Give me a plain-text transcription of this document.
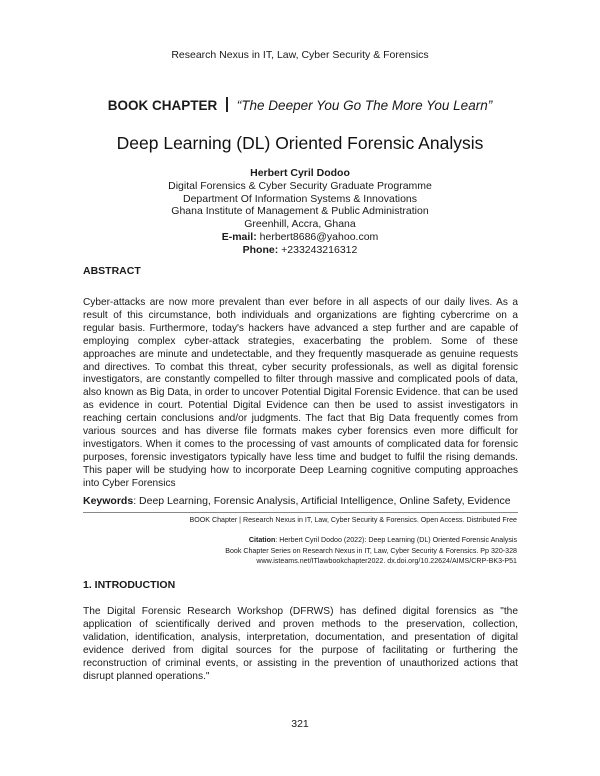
Research Nexus in IT, Law, Cyber Security & Forensics
BOOK CHAPTER “The Deeper You Go The More You Learn”
Deep Learning (DL) Oriented Forensic Analysis
Herbert Cyril Dodoo
Digital Forensics & Cyber Security Graduate Programme
Department Of Information Systems & Innovations
Ghana Institute of Management & Public Administration
Greenhill, Accra, Ghana
E-mail: herbert8686@yahoo.com
Phone: +233243216312
ABSTRACT
Cyber-attacks are now more prevalent than ever before in all aspects of our daily lives. As a result of this circumstance, both individuals and organizations are fighting cybercrime on a regular basis. Furthermore, today's hackers have advanced a step further and are capable of employing complex cyber-attack strategies, exacerbating the problem. Some of these approaches are minute and undetectable, and they frequently masquerade as genuine requests and directives. To combat this threat, cyber security professionals, as well as digital forensic investigators, are constantly compelled to filter through massive and complicated pools of data, also known as Big Data, in order to uncover Potential Digital Forensic Evidence. that can be used as evidence in court. Potential Digital Evidence can then be used to assist investigators in reaching certain conclusions and/or judgments. The fact that Big Data frequently comes from various sources and has diverse file formats makes cyber forensics even more difficult for investigators. When it comes to the processing of vast amounts of complicated data for forensic purposes, forensic investigators typically have less time and budget to fulfil the rising demands. This paper will be studying how to incorporate Deep Learning cognitive computing approaches into Cyber Forensics
Keywords: Deep Learning, Forensic Analysis, Artificial Intelligence, Online Safety, Evidence
BOOK Chapter | Research Nexus in IT, Law, Cyber Security & Forensics. Open Access. Distributed Free
Citation: Herbert Cyril Dodoo (2022): Deep Learning (DL) Oriented Forensic Analysis
Book Chapter Series on Research Nexus in IT, Law, Cyber Security & Forensics. Pp 320-328
www.isteams.net/ITlawbookchapter2022. dx.doi.org/10.22624/AIMS/CRP-BK3-P51
1. INTRODUCTION
The Digital Forensic Research Workshop (DFRWS) has defined digital forensics as "the application of scientifically derived and proven methods to the preservation, collection, validation, identification, analysis, interpretation, documentation, and presentation of digital evidence derived from digital sources for the purpose of facilitating or furthering the reconstruction of criminal events, or assisting in the prevention of unauthorized actions that disrupt planned operations."
321
